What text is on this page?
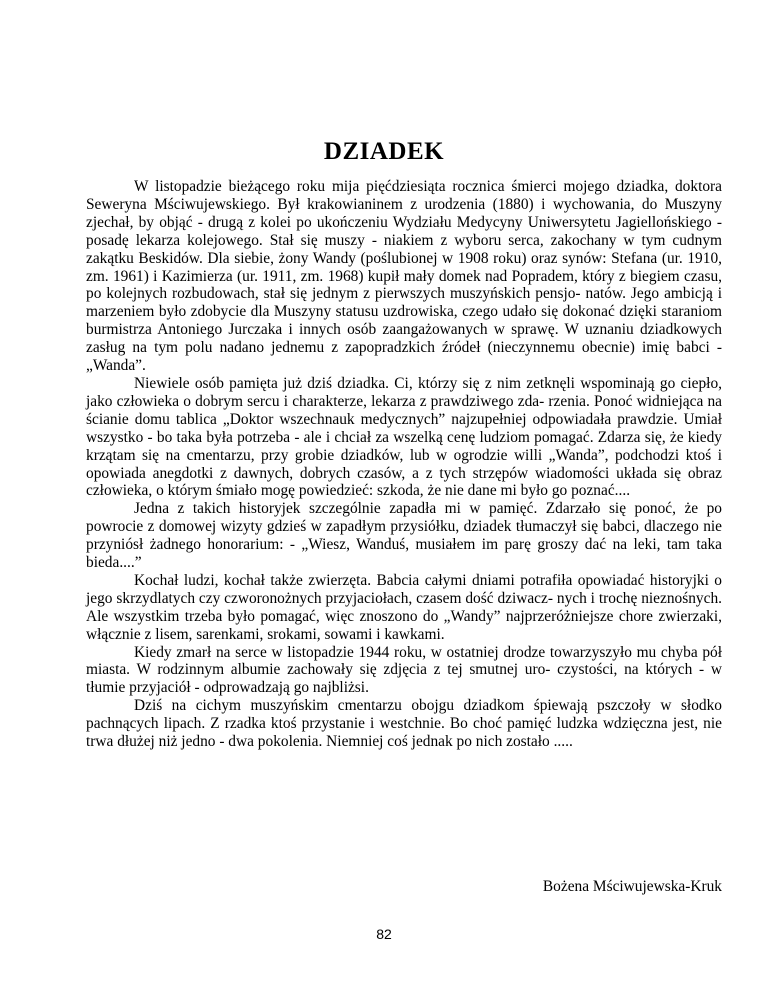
DZIADEK

W listopadzie bieżącego roku mija pięćdziesiąta rocznica śmierci mojego dziadka, doktora Seweryna Mściwujewskiego. Był krakowianinem z urodzenia (1880) i wychowania, do Muszyny zjechał, by objąć - drugą z kolei po ukończeniu Wydziału Medycyny Uniwersytetu Jagiellońskiego - posadę lekarza kolejowego. Stał się muszy - niakiem z wyboru serca, zakochany w tym cudnym zakątku Beskidów. Dla siebie, żony Wandy (poślubionej w 1908 roku) oraz synów: Stefana (ur. 1910, zm. 1961) i Kazimierza (ur. 1911, zm. 1968) kupił mały domek nad Popradem, który z biegiem czasu, po kolejnych rozbudowach, stał się jednym z pierwszych muszyńskich pensjo- natów. Jego ambicją i marzeniem było zdobycie dla Muszyny statusu uzdrowiska, czego udało się dokonać dzięki staraniom burmistrza Antoniego Jurczaka i innych osób zaangażowanych w sprawę. W uznaniu dziadkowych zasług na tym polu nadano jednemu z zapopradzkich źródeł (nieczynnemu obecnie) imię babci - „Wanda”.

Niewiele osób pamięta już dziś dziadka. Ci, którzy się z nim zetknęli wspominają go ciepło, jako człowieka o dobrym sercu i charakterze, lekarza z prawdziwego zda- rzenia. Ponoć widniejąca na ścianie domu tablica „Doktor wszechnauk medycznych” najzupełniej odpowiadała prawdzie. Umiał wszystko - bo taka była potrzeba - ale i chciał za wszelką cenę ludziom pomagać. Zdarza się, że kiedy krzątam się na cmentarzu, przy grobie dziadków, lub w ogrodzie willi „Wanda”, podchodzi ktoś i opowiada anegdotki z dawnych, dobrych czasów, a z tych strzępów wiadomości układa się obraz człowieka, o którym śmiało mogę powiedzieć: szkoda, że nie dane mi było go poznać....

Jedna z takich historyjek szczególnie zapadła mi w pamięć. Zdarzało się ponoć, że po powrocie z domowej wizyty gdzieś w zapadłym przysiółku, dziadek tłumaczył się babci, dlaczego nie przyniósł żadnego honorarium: - „Wiesz, Wanduś, musiałem im parę groszy dać na leki, tam taka bieda....”

Kochał ludzi, kochał także zwierzęta. Babcia całymi dniami potrafiła opowiadać historyjki o jego skrzydlatych czy czworonożnych przyjaciołach, czasem dość dziwacz- nych i trochę nieznośnych. Ale wszystkim trzeba było pomagać, więc znoszono do „Wandy” najprzeróżniejsze chore zwierzaki, włącznie z lisem, sarenkami, srokami, sowami i kawkami.

Kiedy zmarł na serce w listopadzie 1944 roku, w ostatniej drodze towarzyszyło mu chyba pół miasta. W rodzinnym albumie zachowały się zdjęcia z tej smutnej uro- czystości, na których - w tłumie przyjaciół - odprowadzają go najbliżsi.

Dziś na cichym muszyńskim cmentarzu obojgu dziadkom śpiewają pszczoły w słodko pachnących lipach. Z rzadka ktoś przystanie i westchnie. Bo choć pamięć ludzka wdzięczna jest, nie trwa dłużej niż jedno - dwa pokolenia. Niemniej coś jednak po nich zostało .....

Bożena Mściwujewska-Kruk

82
